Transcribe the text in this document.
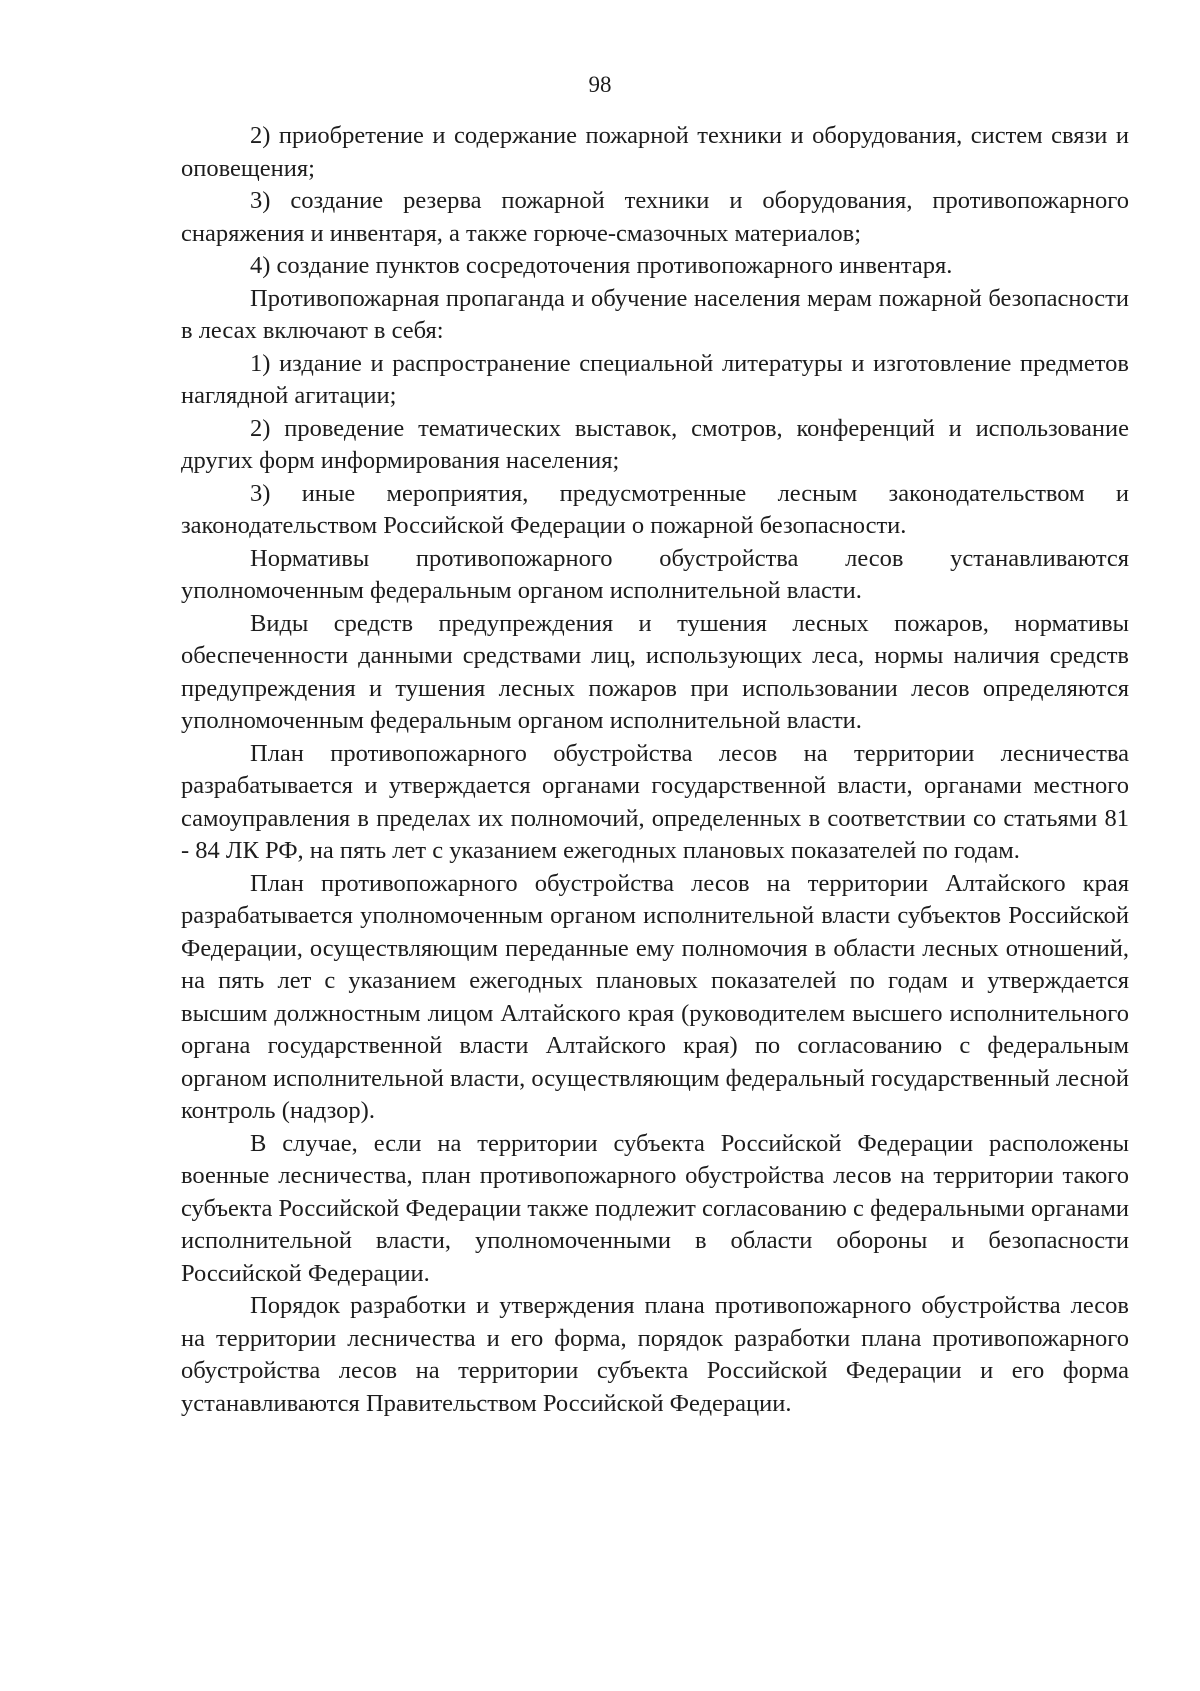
98

2) приобретение и содержание пожарной техники и оборудования, систем связи и оповещения;

3) создание резерва пожарной техники и оборудования, противопожарного снаряжения и инвентаря, а также горюче-смазочных материалов;

4) создание пунктов сосредоточения противопожарного инвентаря.

Противопожарная пропаганда и обучение населения мерам пожарной безопасности в лесах включают в себя:

1) издание и распространение специальной литературы и изготовление предметов наглядной агитации;

2) проведение тематических выставок, смотров, конференций и использование других форм информирования населения;

3) иные мероприятия, предусмотренные лесным законодательством и законодательством Российской Федерации о пожарной безопасности.

Нормативы противопожарного обустройства лесов устанавливаются уполномоченным федеральным органом исполнительной власти.

Виды средств предупреждения и тушения лесных пожаров, нормативы обеспеченности данными средствами лиц, использующих леса, нормы наличия средств предупреждения и тушения лесных пожаров при использовании лесов определяются уполномоченным федеральным органом исполнительной власти.

План противопожарного обустройства лесов на территории лесничества разрабатывается и утверждается органами государственной власти, органами местного самоуправления в пределах их полномочий, определенных в соответствии со статьями 81 - 84 ЛК РФ, на пять лет с указанием ежегодных плановых показателей по годам.

План противопожарного обустройства лесов на территории Алтайского края разрабатывается уполномоченным органом исполнительной власти субъектов Российской Федерации, осуществляющим переданные ему полномочия в области лесных отношений, на пять лет с указанием ежегодных плановых показателей по годам и утверждается высшим должностным лицом Алтайского края (руководителем высшего исполнительного органа государственной власти Алтайского края) по согласованию с федеральным органом исполнительной власти, осуществляющим федеральный государственный лесной контроль (надзор).

В случае, если на территории субъекта Российской Федерации расположены военные лесничества, план противопожарного обустройства лесов на территории такого субъекта Российской Федерации также подлежит согласованию с федеральными органами исполнительной власти, уполномоченными в области обороны и безопасности Российской Федерации.

Порядок разработки и утверждения плана противопожарного обустройства лесов на территории лесничества и его форма, порядок разработки плана противопожарного обустройства лесов на территории субъекта Российской Федерации и его форма устанавливаются Правительством Российской Федерации.
